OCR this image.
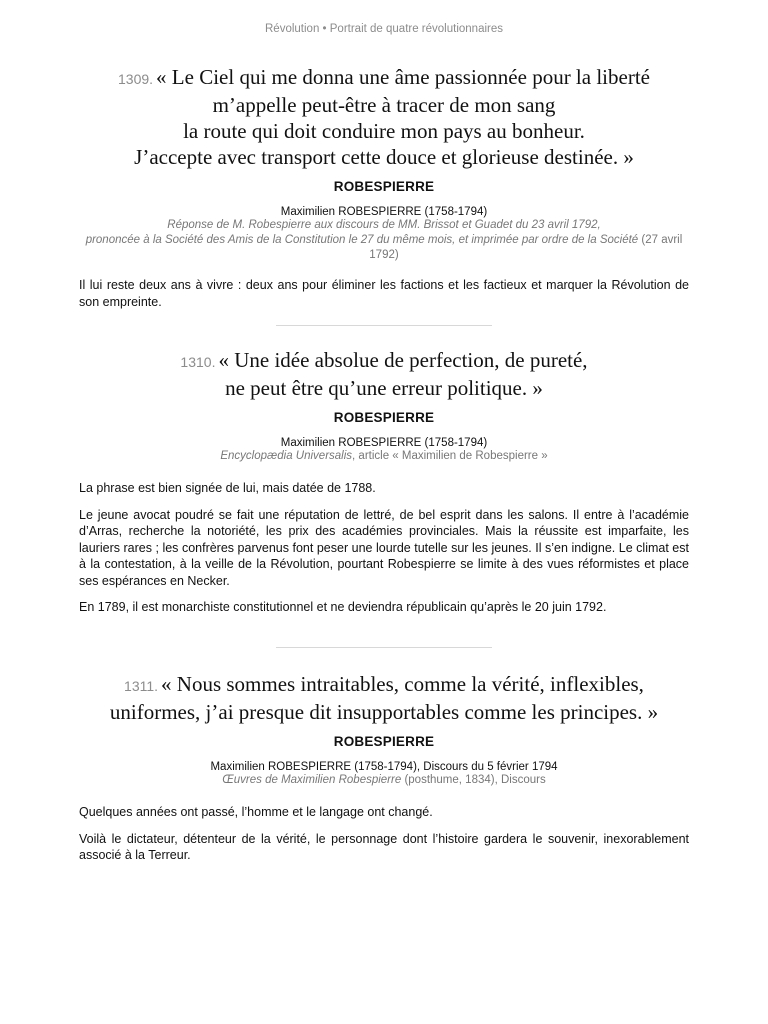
Révolution • Portrait de quatre révolutionnaires

1309. « Le Ciel qui me donna une âme passionnée pour la liberté
m’appelle peut-être à tracer de mon sang
la route qui doit conduire mon pays au bonheur.
J’accepte avec transport cette douce et glorieuse destinée. »

ROBESPIERRE
Maximilien ROBESPIERRE (1758-1794)
Réponse de M. Robespierre aux discours de MM. Brissot et Guadet du 23 avril 1792,
prononcée à la Société des Amis de la Constitution le 27 du même mois, et imprimée par ordre de la Société (27 avril 1792)

Il lui reste deux ans à vivre : deux ans pour éliminer les factions et les factieux et marquer la Révolution de son empreinte.

1310. « Une idée absolue de perfection, de pureté,
ne peut être qu’une erreur politique. »

ROBESPIERRE
Maximilien ROBESPIERRE (1758-1794)
Encyclopædia Universalis, article « Maximilien de Robespierre »

La phrase est bien signée de lui, mais datée de 1788.

Le jeune avocat poudré se fait une réputation de lettré, de bel esprit dans les salons. Il entre à l’académie d’Arras, recherche la notoriété, les prix des académies provinciales. Mais la réussite est imparfaite, les lauriers rares ; les confrères parvenus font peser une lourde tutelle sur les jeunes. Il s’en indigne. Le climat est à la contestation, à la veille de la Révolution, pourtant Robespierre se limite à des vues réformistes et place ses espérances en Necker.

En 1789, il est monarchiste constitutionnel et ne deviendra républicain qu’après le 20 juin 1792.

1311. « Nous sommes intraitables, comme la vérité, inflexibles,
uniformes, j’ai presque dit insupportables comme les principes. »

ROBESPIERRE
Maximilien ROBESPIERRE (1758-1794), Discours du 5 février 1794
Œuvres de Maximilien Robespierre (posthume, 1834), Discours

Quelques années ont passé, l’homme et le langage ont changé.

Voilà le dictateur, détenteur de la vérité, le personnage dont l’histoire gardera le souvenir, inexorablement associé à la Terreur.
